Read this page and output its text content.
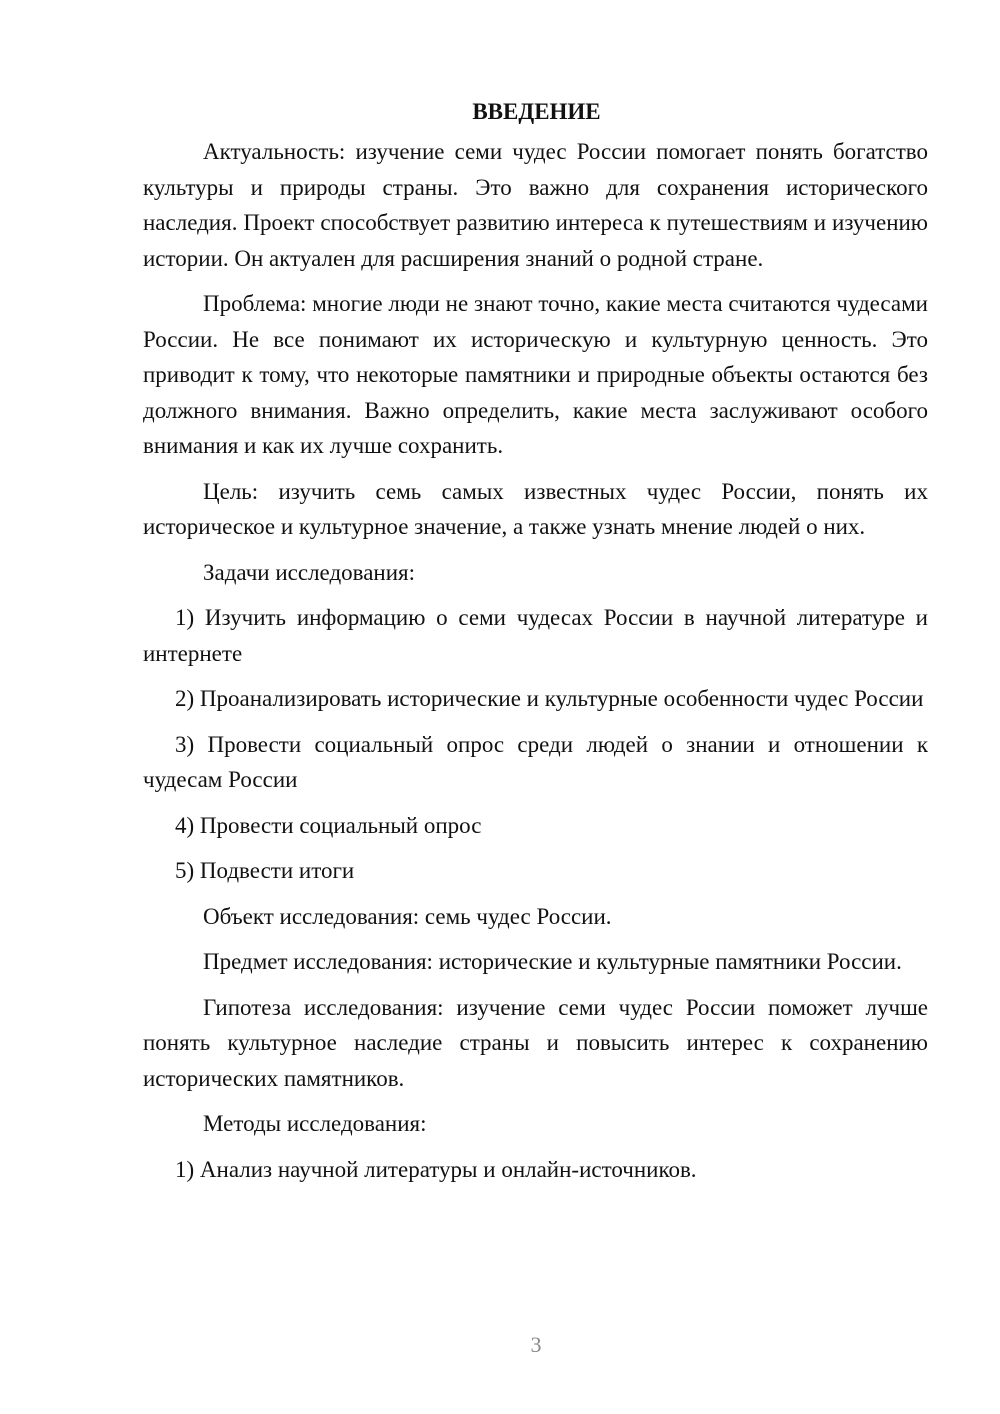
ВВЕДЕНИЕ

Актуальность: изучение семи чудес России помогает понять богатство культуры и природы страны. Это важно для сохранения исторического наследия. Проект способствует развитию интереса к путешествиям и изучению истории. Он актуален для расширения знаний о родной стране.

Проблема: многие люди не знают точно, какие места считаются чудесами России. Не все понимают их историческую и культурную ценность. Это приводит к тому, что некоторые памятники и природные объекты остаются без должного внимания. Важно определить, какие места заслуживают особого внимания и как их лучше сохранить.

Цель: изучить семь самых известных чудес России, понять их историческое и культурное значение, а также узнать мнение людей о них.

Задачи исследования:

1) Изучить информацию о семи чудесах России в научной литературе и интернете

2) Проанализировать исторические и культурные особенности чудес России

3) Провести социальный опрос среди людей о знании и отношении к чудесам России

4) Провести социальный опрос

5) Подвести итоги

Объект исследования: семь чудес России.

Предмет исследования: исторические и культурные памятники России.

Гипотеза исследования: изучение семи чудес России поможет лучше понять культурное наследие страны и повысить интерес к сохранению исторических памятников.

Методы исследования:

1) Анализ научной литературы и онлайн-источников.

3
